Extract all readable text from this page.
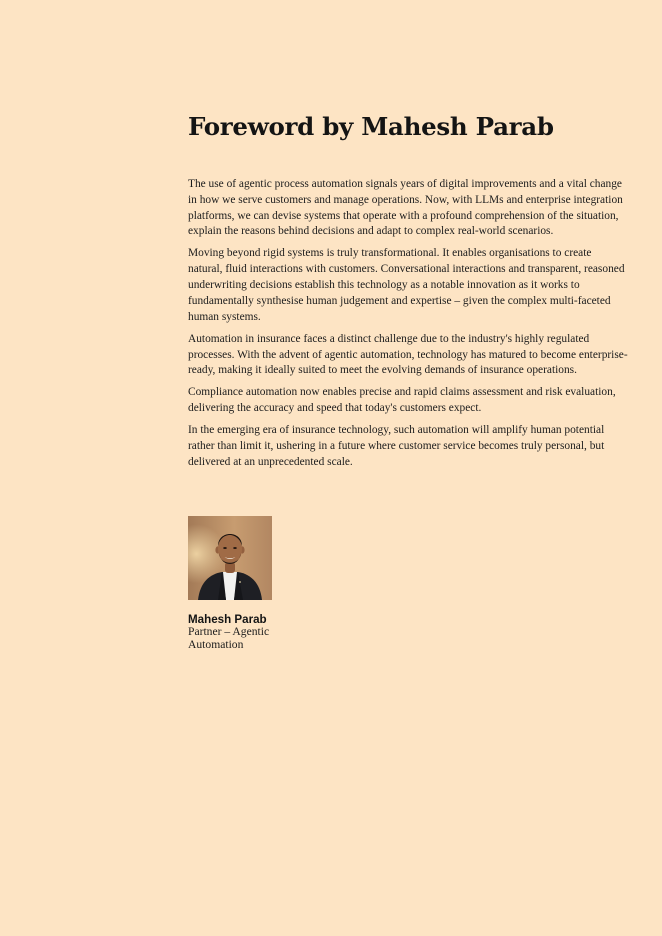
Foreword by Mahesh Parab

The use of agentic process automation signals years of digital improvements and a vital change in how we serve customers and manage operations. Now, with LLMs and enterprise integration platforms, we can devise systems that operate with a profound comprehension of the situation, explain the reasons behind decisions and adapt to complex real-world scenarios.

Moving beyond rigid systems is truly transformational. It enables organisations to create natural, fluid interactions with customers. Conversational interactions and transparent, reasoned underwriting decisions establish this technology as a notable innovation as it works to fundamentally synthesise human judgement and expertise – given the complex multi-faceted human systems.

Automation in insurance faces a distinct challenge due to the industry's highly regulated processes. With the advent of agentic automation, technology has matured to become enterprise-ready, making it ideally suited to meet the evolving demands of insurance operations.

Compliance automation now enables precise and rapid claims assessment and risk evaluation, delivering the accuracy and speed that today's customers expect.

In the emerging era of insurance technology, such automation will amplify human potential rather than limit it, ushering in a future where customer service becomes truly personal, but delivered at an unprecedented scale.

Mahesh Parab
Partner – Agentic Automation
